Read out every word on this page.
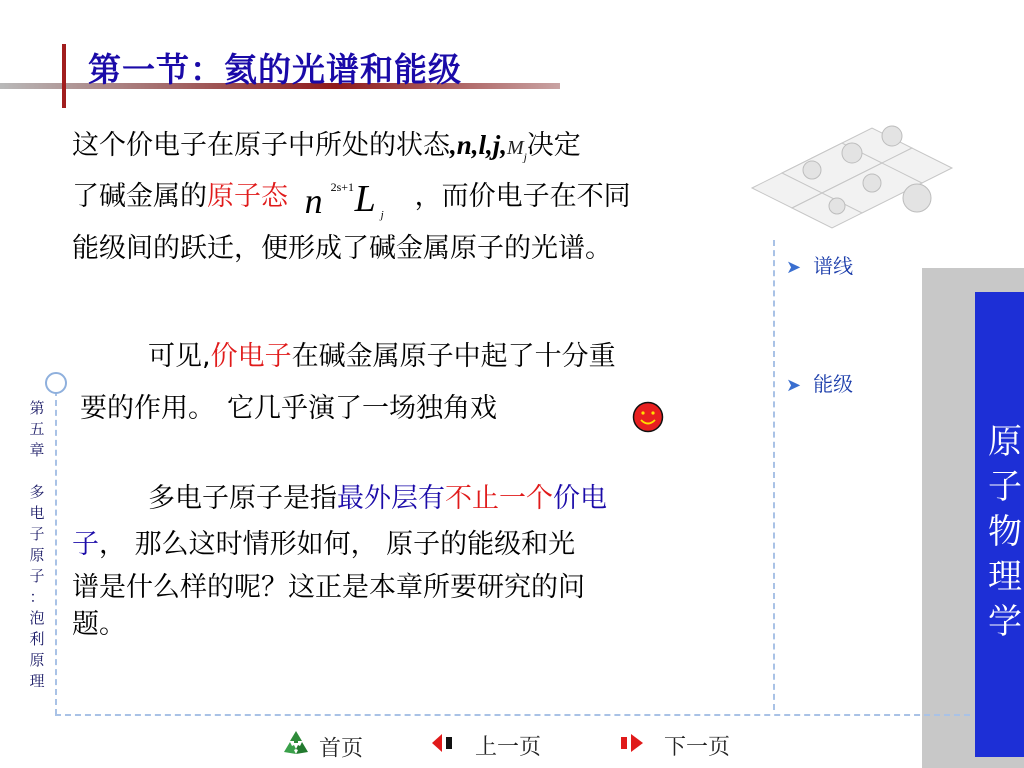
第一节：氦的光谱和能级
第
五
章
多
电
子
原
子
：
泡
利
原
理
这个价电子在原子中所处的状态$,n,l,j,M_j$决定
了碱金属的原子态 n 2s+1 L j
，而价电子在不同
能级间的跃迁，便形成了碱金属原子的光谱。
可见,价电子在碱金属原子中起了十分重
要的作用。 它几乎演了一场独角戏
多电子原子是指最外层有不止一个价电
子， 那么这时情形如何， 原子的能级和光
谱是什么样的呢？这正是本章所要研究的问
题。
➤ 谱线
➤ 能级
原
子
物
理
学
首页	上一页	下一页
